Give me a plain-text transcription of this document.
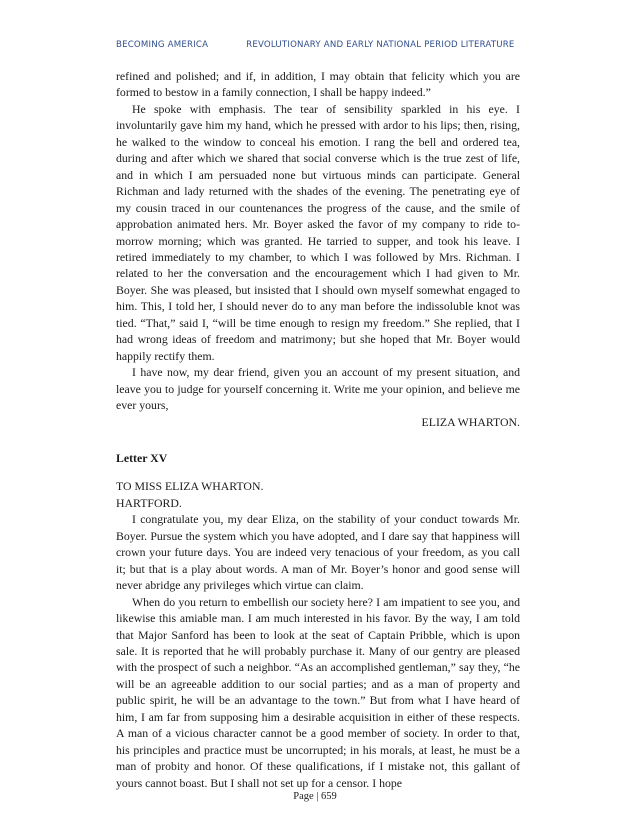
BECOMING AMERICA	REVOLUTIONARY AND EARLY NATIONAL PERIOD LITERATURE

refined and polished; and if, in addition, I may obtain that felicity which you are formed to bestow in a family connection, I shall be happy indeed.”

He spoke with emphasis. The tear of sensibility sparkled in his eye. I involuntarily gave him my hand, which he pressed with ardor to his lips; then, rising, he walked to the window to conceal his emotion. I rang the bell and ordered tea, during and after which we shared that social converse which is the true zest of life, and in which I am persuaded none but virtuous minds can participate. General Richman and lady returned with the shades of the evening. The penetrating eye of my cousin traced in our countenances the progress of the cause, and the smile of approbation animated hers. Mr. Boyer asked the favor of my company to ride to-morrow morning; which was granted. He tarried to supper, and took his leave. I retired immediately to my chamber, to which I was followed by Mrs. Richman. I related to her the conversation and the encouragement which I had given to Mr. Boyer. She was pleased, but insisted that I should own myself somewhat engaged to him. This, I told her, I should never do to any man before the indissoluble knot was tied. “That,” said I, “will be time enough to resign my freedom.” She replied, that I had wrong ideas of freedom and matrimony; but she hoped that Mr. Boyer would happily rectify them.

I have now, my dear friend, given you an account of my present situation, and leave you to judge for yourself concerning it. Write me your opinion, and believe me ever yours,

ELIZA WHARTON.

Letter XV

TO MISS ELIZA WHARTON.

HARTFORD.

I congratulate you, my dear Eliza, on the stability of your conduct towards Mr. Boyer. Pursue the system which you have adopted, and I dare say that happiness will crown your future days. You are indeed very tenacious of your freedom, as you call it; but that is a play about words. A man of Mr. Boyer’s honor and good sense will never abridge any privileges which virtue can claim.

When do you return to embellish our society here? I am impatient to see you, and likewise this amiable man. I am much interested in his favor. By the way, I am told that Major Sanford has been to look at the seat of Captain Pribble, which is upon sale. It is reported that he will probably purchase it. Many of our gentry are pleased with the prospect of such a neighbor. “As an accomplished gentleman,” say they, “he will be an agreeable addition to our social parties; and as a man of property and public spirit, he will be an advantage to the town.” But from what I have heard of him, I am far from supposing him a desirable acquisition in either of these respects. A man of a vicious character cannot be a good member of society. In order to that, his principles and practice must be uncorrupted; in his morals, at least, he must be a man of probity and honor. Of these qualifications, if I mistake not, this gallant of yours cannot boast. But I shall not set up for a censor. I hope

Page | 659
